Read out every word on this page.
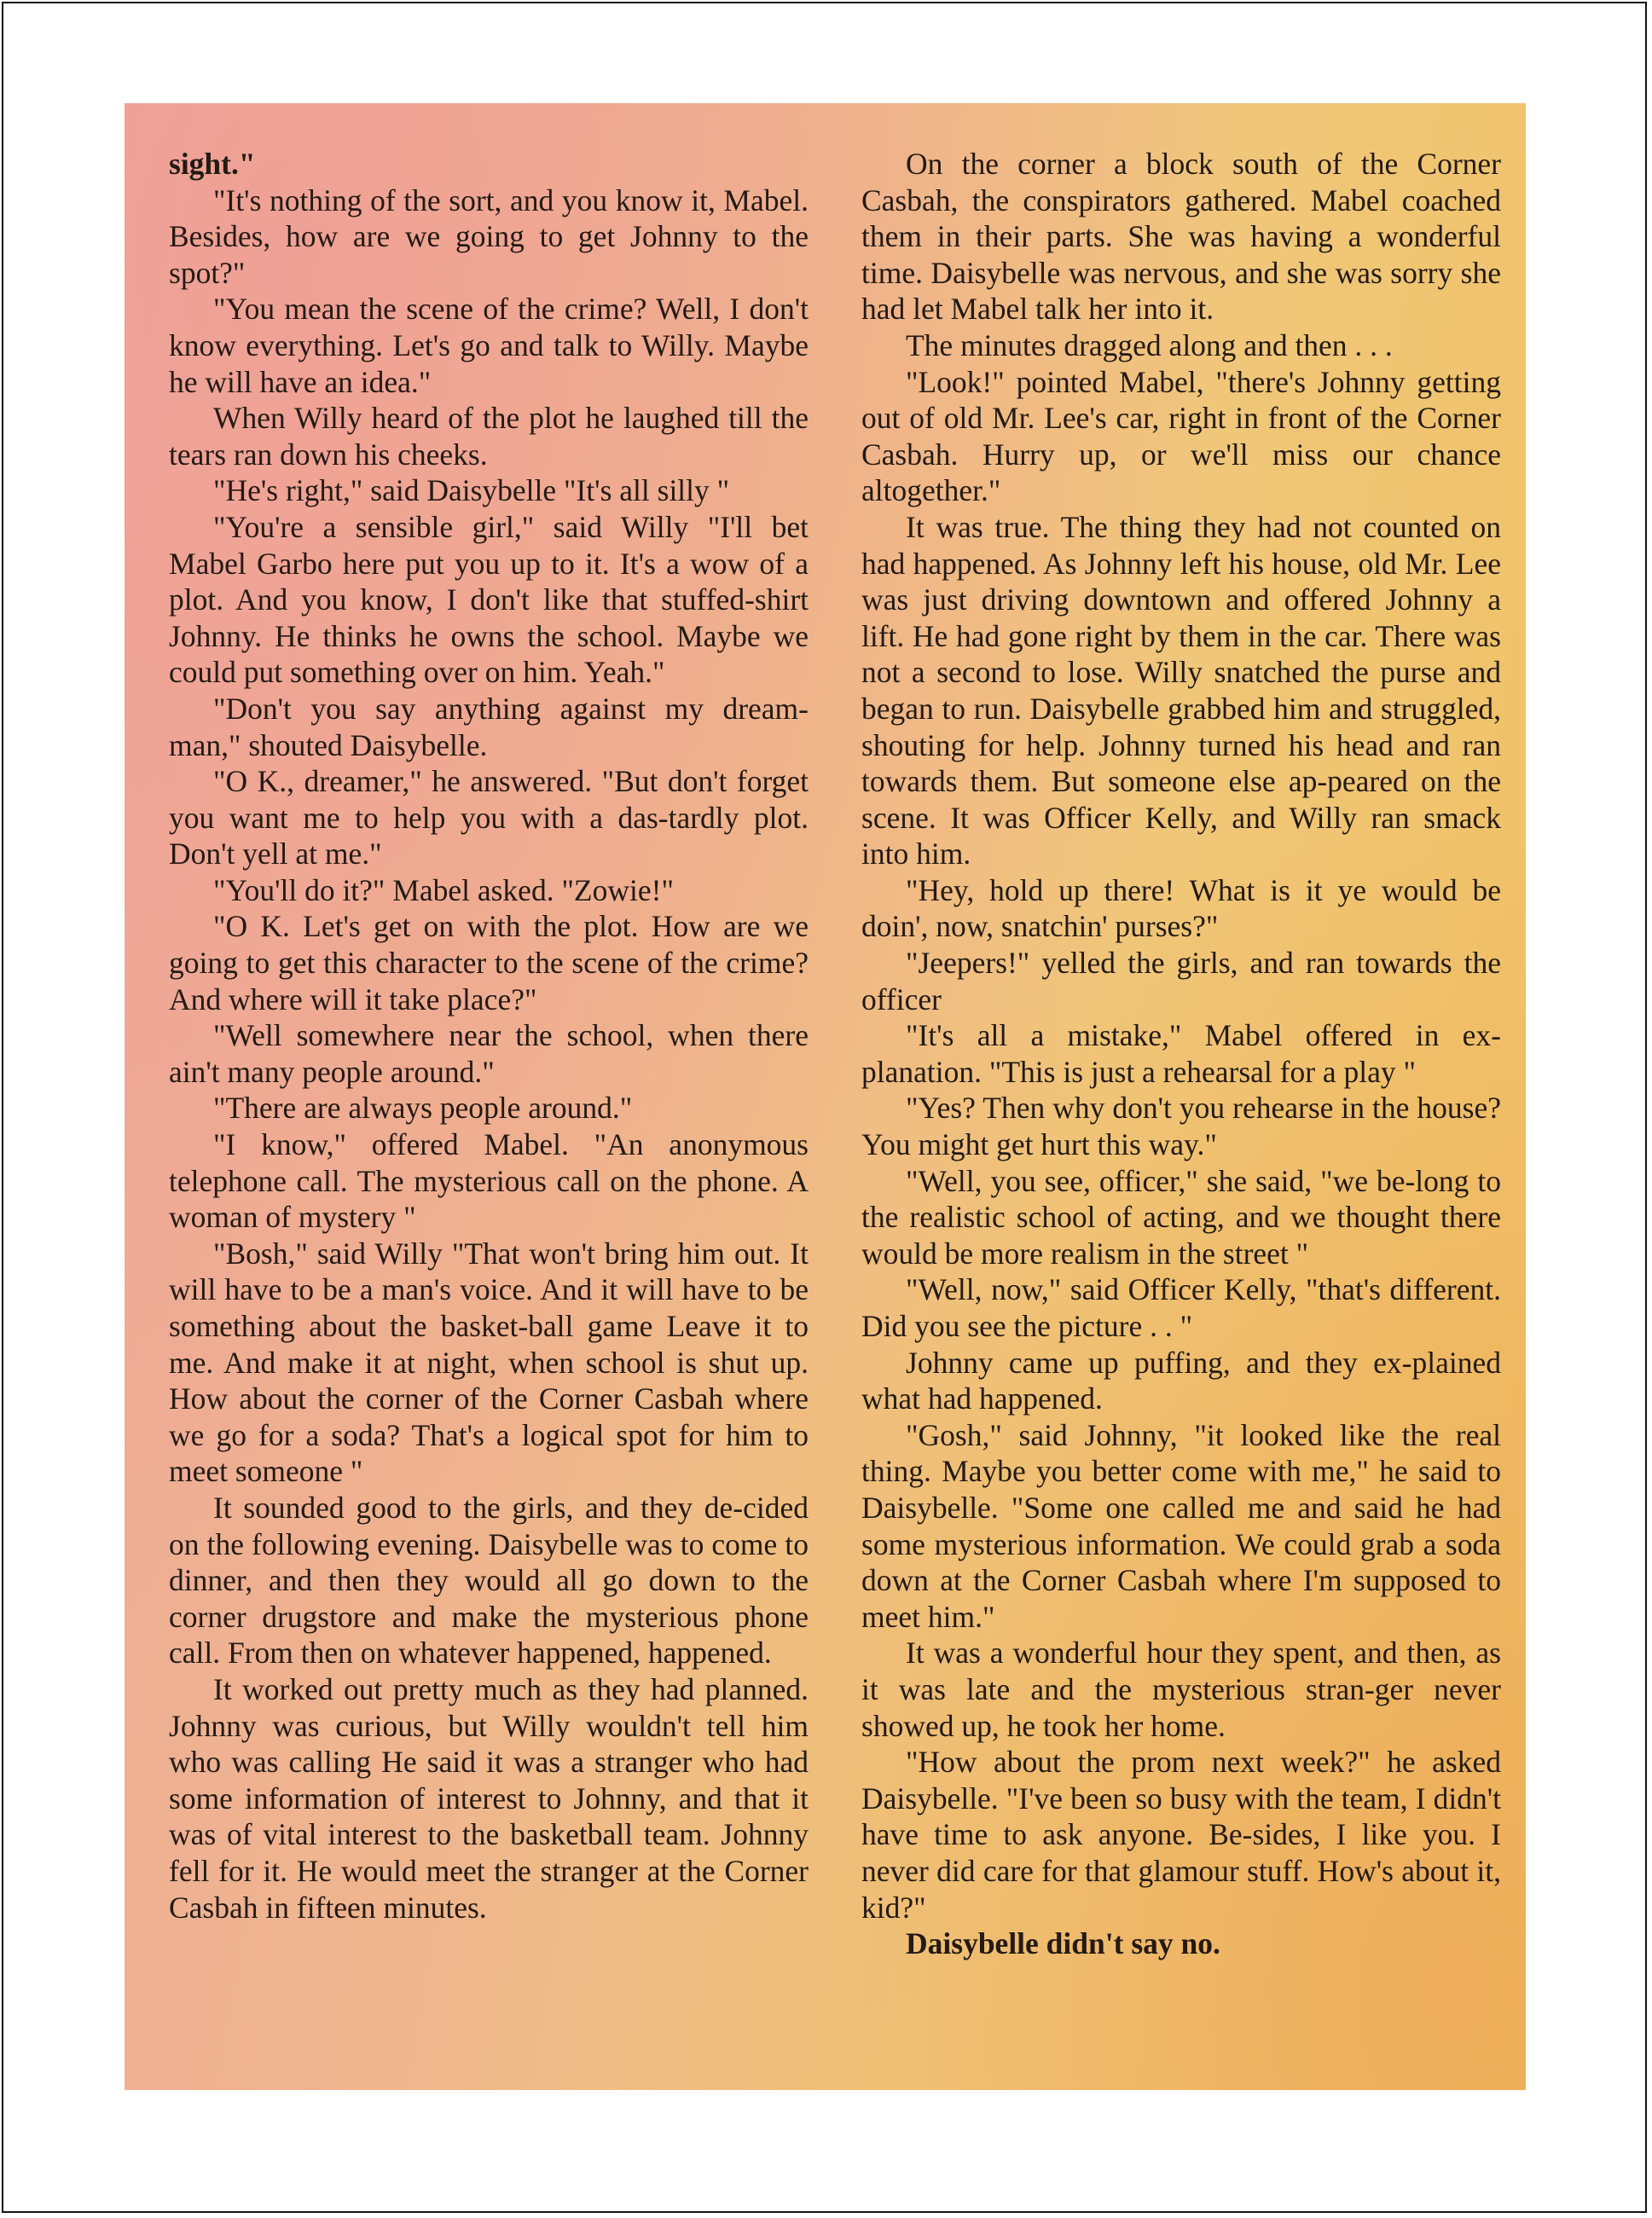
sight."

"It's nothing of the sort, and you know it, Mabel. Besides, how are we going to get Johnny to the spot?"

"You mean the scene of the crime? Well, I don't know everything. Let's go and talk to Willy. Maybe he will have an idea."

When Willy heard of the plot he laughed till the tears ran down his cheeks.

"He's right," said Daisybelle "It's all silly "

"You're a sensible girl," said Willy "I'll bet Mabel Garbo here put you up to it. It's a wow of a plot. And you know, I don't like that stuffed-shirt Johnny. He thinks he owns the school. Maybe we could put something over on him. Yeah."

"Don't you say anything against my dream-man," shouted Daisybelle.

"O K., dreamer," he answered. "But don't forget you want me to help you with a das-tardly plot. Don't yell at me."

"You'll do it?" Mabel asked. "Zowie!"

"O K. Let's get on with the plot. How are we going to get this character to the scene of the crime? And where will it take place?"

"Well somewhere near the school, when there ain't many people around."

"There are always people around."

"I know," offered Mabel. "An anonymous telephone call. The mysterious call on the phone. A woman of mystery "

"Bosh," said Willy "That won't bring him out. It will have to be a man's voice. And it will have to be something about the basket-ball game Leave it to me. And make it at night, when school is shut up. How about the corner of the Corner Casbah where we go for a soda? That's a logical spot for him to meet someone "

It sounded good to the girls, and they de-cided on the following evening. Daisybelle was to come to dinner, and then they would all go down to the corner drugstore and make the mysterious phone call. From then on whatever happened, happened.

It worked out pretty much as they had planned. Johnny was curious, but Willy wouldn't tell him who was calling He said it was a stranger who had some information of interest to Johnny, and that it was of vital interest to the basketball team. Johnny fell for it. He would meet the stranger at the Corner Casbah in fifteen minutes.

On the corner a block south of the Corner Casbah, the conspirators gathered. Mabel coached them in their parts. She was having a wonderful time. Daisybelle was nervous, and she was sorry she had let Mabel talk her into it.

The minutes dragged along and then . . .

"Look!" pointed Mabel, "there's Johnny getting out of old Mr. Lee's car, right in front of the Corner Casbah. Hurry up, or we'll miss our chance altogether."

It was true. The thing they had not counted on had happened. As Johnny left his house, old Mr. Lee was just driving downtown and offered Johnny a lift. He had gone right by them in the car. There was not a second to lose. Willy snatched the purse and began to run. Daisybelle grabbed him and struggled, shouting for help. Johnny turned his head and ran towards them. But someone else ap-peared on the scene. It was Officer Kelly, and Willy ran smack into him.

"Hey, hold up there! What is it ye would be doin', now, snatchin' purses?"

"Jeepers!" yelled the girls, and ran towards the officer

"It's all a mistake," Mabel offered in ex-planation. "This is just a rehearsal for a play "

"Yes? Then why don't you rehearse in the house? You might get hurt this way."

"Well, you see, officer," she said, "we be-long to the realistic school of acting, and we thought there would be more realism in the street "

"Well, now," said Officer Kelly, "that's different. Did you see the picture . . "

Johnny came up puffing, and they ex-plained what had happened.

"Gosh," said Johnny, "it looked like the real thing. Maybe you better come with me," he said to Daisybelle. "Some one called me and said he had some mysterious information. We could grab a soda down at the Corner Casbah where I'm supposed to meet him."

It was a wonderful hour they spent, and then, as it was late and the mysterious stran-ger never showed up, he took her home.

"How about the prom next week?" he asked Daisybelle. "I've been so busy with the team, I didn't have time to ask anyone. Be-sides, I like you. I never did care for that glamour stuff. How's about it, kid?"

Daisybelle didn't say no.
